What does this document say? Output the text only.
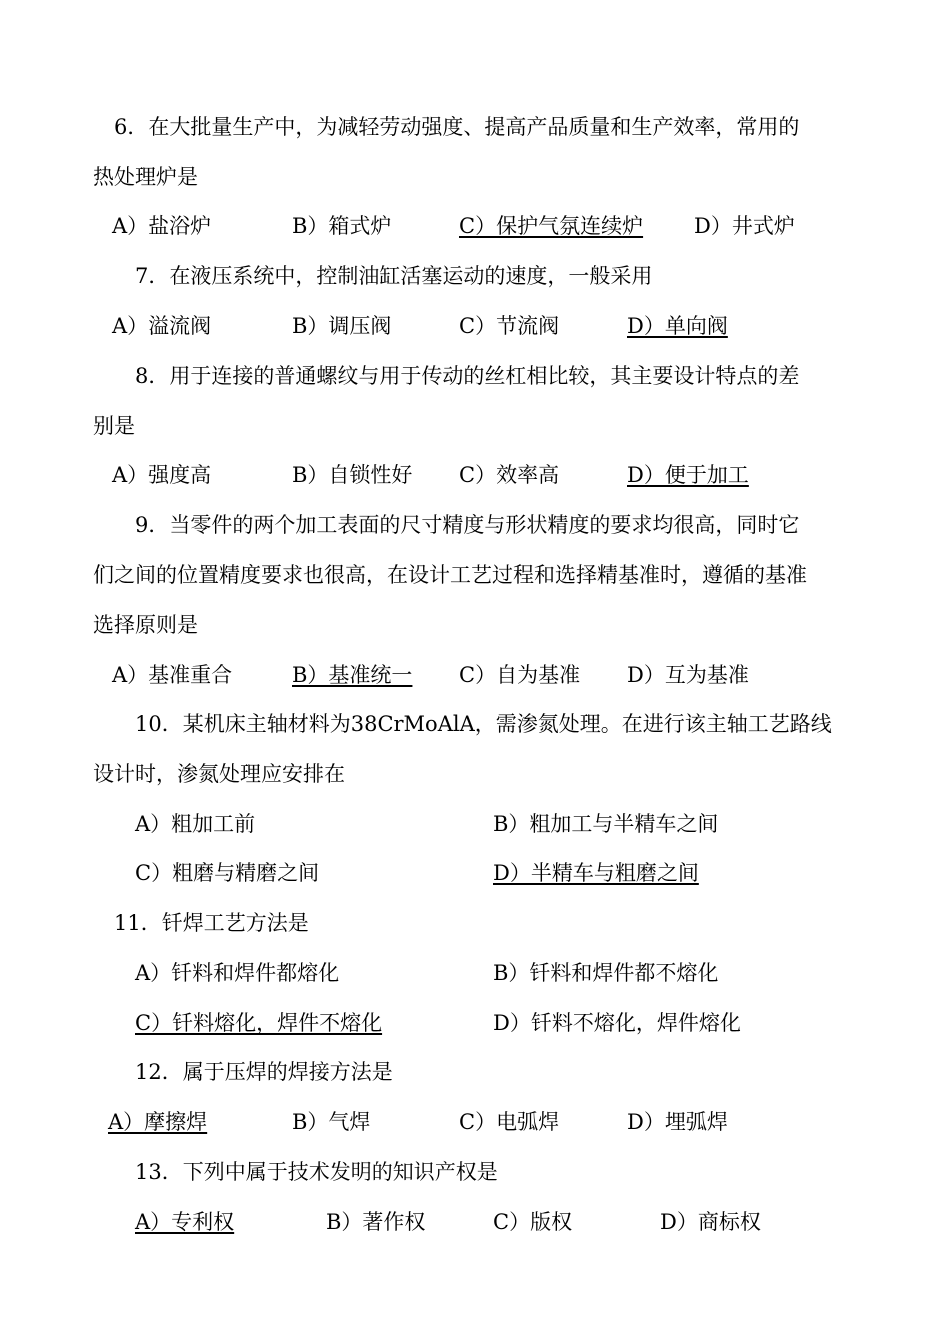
6．在大批量生产中，为减轻劳动强度、提高产品质量和生产效率，常用的
热处理炉是
A）盐浴炉	B）箱式炉	C）保护气氛连续炉 D）井式炉
7．在液压系统中，控制油缸活塞运动的速度，一般采用
A）溢流阀	B）调压阀	C）节流阀	D）单向阀
8．用于连接的普通螺纹与用于传动的丝杠相比较，其主要设计特点的差
别是
A）强度高	B）自锁性好 C）效率高	D）便于加工
9．当零件的两个加工表面的尺寸精度与形状精度的要求均很高，同时它
们之间的位置精度要求也很高，在设计工艺过程和选择精基准时，遵循的基准
选择原则是
A）基准重合	B）基准统一 C）自为基准 D）互为基准
10．某机床主轴材料为38CrMoAlA，需渗氮处理。在进行该主轴工艺路线
设计时，渗氮处理应安排在
A）粗加工前	B）粗加工与半精车之间
C）粗磨与精磨之间	D）半精车与粗磨之间
11．钎焊工艺方法是
A）钎料和焊件都熔化	B）钎料和焊件都不熔化
C）钎料熔化，焊件不熔化	D）钎料不熔化，焊件熔化
12．属于压焊的焊接方法是
A）摩擦焊	B）气焊	C）电弧焊	D）埋弧焊
13．下列中属于技术发明的知识产权是
A）专利权	B）著作权	C）版权	D）商标权
